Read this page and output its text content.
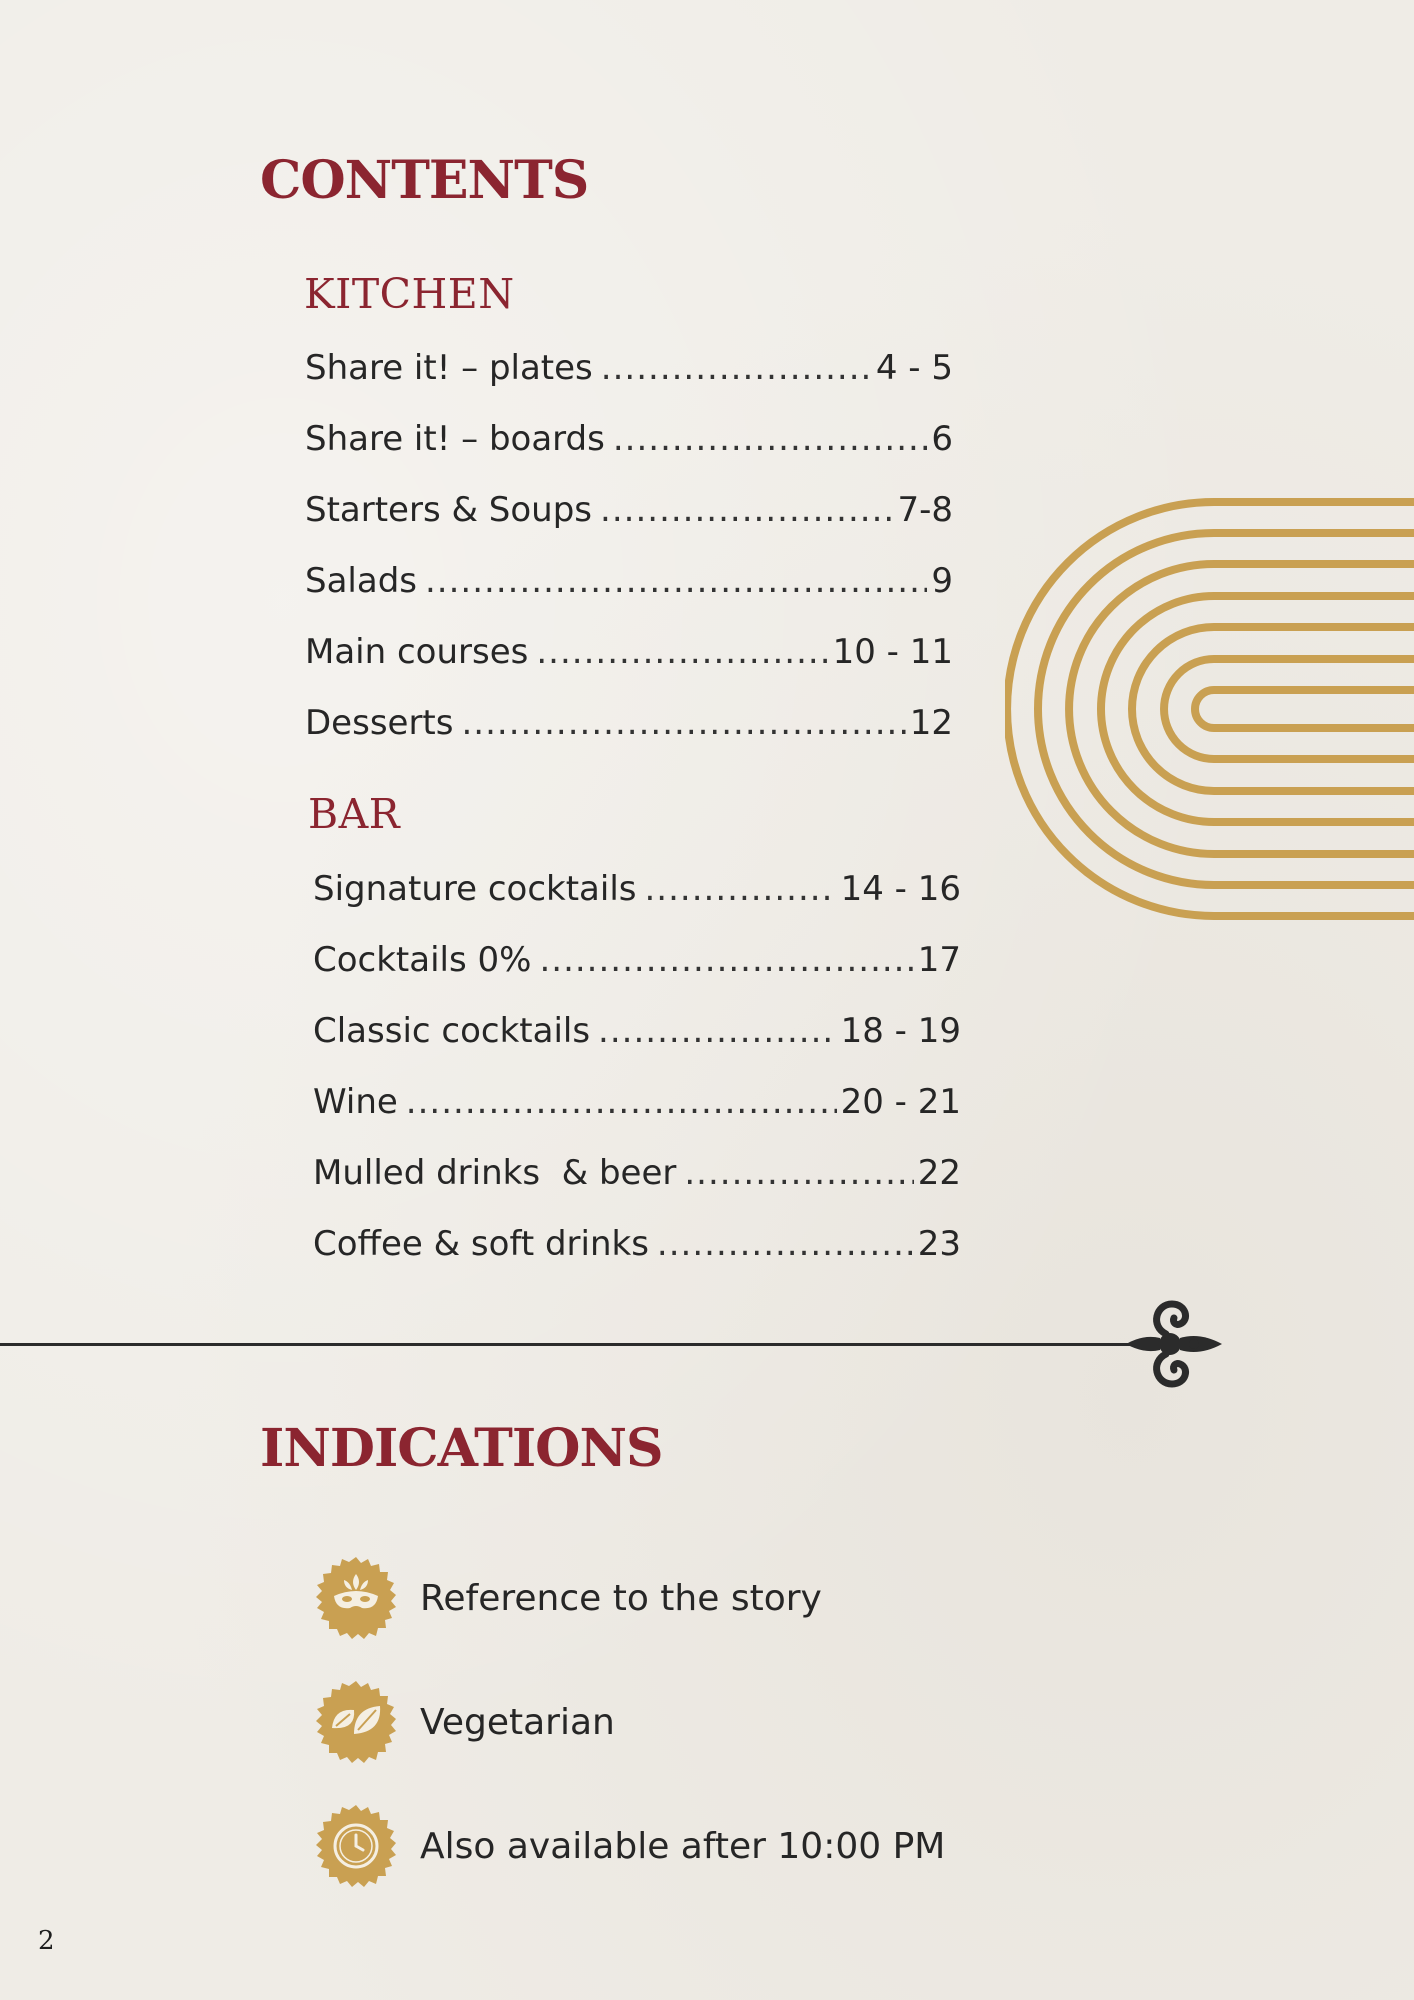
CONTENTS
KITCHEN
Share it! – plates .....	4 - 5
Share it! – boards .....	6
Starters & Soups .....	7-8
Salads .....	9
Main courses .....	10 - 11
Desserts .....	12
BAR
Signature cocktails .....	14 - 16
Cocktails 0% .....	17
Classic cocktails .....	18 - 19
Wine .....	20 - 21
Mulled drinks  & beer .....	22
Coffee & soft drinks .....	23
INDICATIONS
Reference to the story
Vegetarian
Also available after 10:00 PM
2
